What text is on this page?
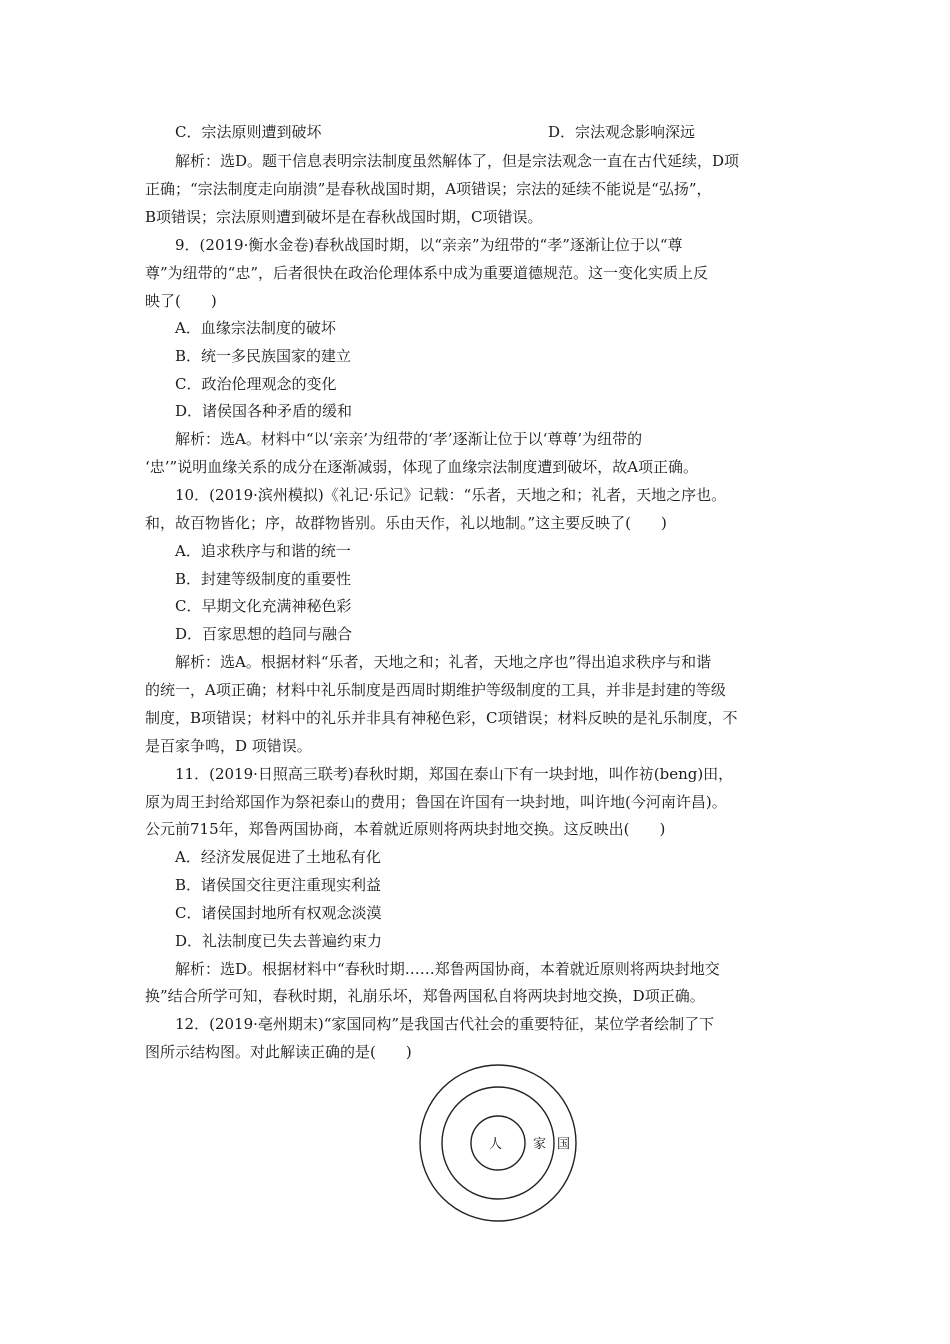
C．宗法原则遭到破坏	D．宗法观念影响深远
解析：选D。题干信息表明宗法制度虽然解体了，但是宗法观念一直在古代延续，D项
正确；“宗法制度走向崩溃”是春秋战国时期，A项错误；宗法的延续不能说是“弘扬”，
B项错误；宗法原则遭到破坏是在春秋战国时期，C项错误。
9．(2019·衡水金卷)春秋战国时期，以“亲亲”为纽带的“孝”逐渐让位于以“尊
尊”为纽带的“忠”，后者很快在政治伦理体系中成为重要道德规范。这一变化实质上反
映了(　　)
A．血缘宗法制度的破坏
B．统一多民族国家的建立
C．政治伦理观念的变化
D．诸侯国各种矛盾的缓和
解析：选A。材料中“以‘亲亲’为纽带的‘孝’逐渐让位于以‘尊尊’为纽带的
‘忠’”说明血缘关系的成分在逐渐减弱，体现了血缘宗法制度遭到破坏，故A项正确。
10．(2019·滨州模拟)《礼记·乐记》记载：“乐者，天地之和；礼者，天地之序也。
和，故百物皆化；序，故群物皆别。乐由天作，礼以地制。”这主要反映了(　　)
A．追求秩序与和谐的统一
B．封建等级制度的重要性
C．早期文化充满神秘色彩
D．百家思想的趋同与融合
解析：选A。根据材料“乐者，天地之和；礼者，天地之序也”得出追求秩序与和谐
的统一，A项正确；材料中礼乐制度是西周时期维护等级制度的工具，并非是封建的等级
制度，B项错误；材料中的礼乐并非具有神秘色彩，C项错误；材料反映的是礼乐制度，不
是百家争鸣，D 项错误。
11．(2019·日照高三联考)春秋时期，郑国在泰山下有一块封地，叫作祊(beng)田，
原为周王封给郑国作为祭祀泰山的费用；鲁国在许国有一块封地，叫许地(今河南许昌)。
公元前715年，郑鲁两国协商，本着就近原则将两块封地交换。这反映出(　　)
A．经济发展促进了土地私有化
B．诸侯国交往更注重现实利益
C．诸侯国封地所有权观念淡漠
D．礼法制度已失去普遍约束力
解析：选D。根据材料中“春秋时期……郑鲁两国协商，本着就近原则将两块封地交
换”结合所学可知，春秋时期，礼崩乐坏，郑鲁两国私自将两块封地交换，D项正确。
12．(2019·亳州期末)“家国同构”是我国古代社会的重要特征，某位学者绘制了下
图所示结构图。对此解读正确的是(　　)
人 家 国
